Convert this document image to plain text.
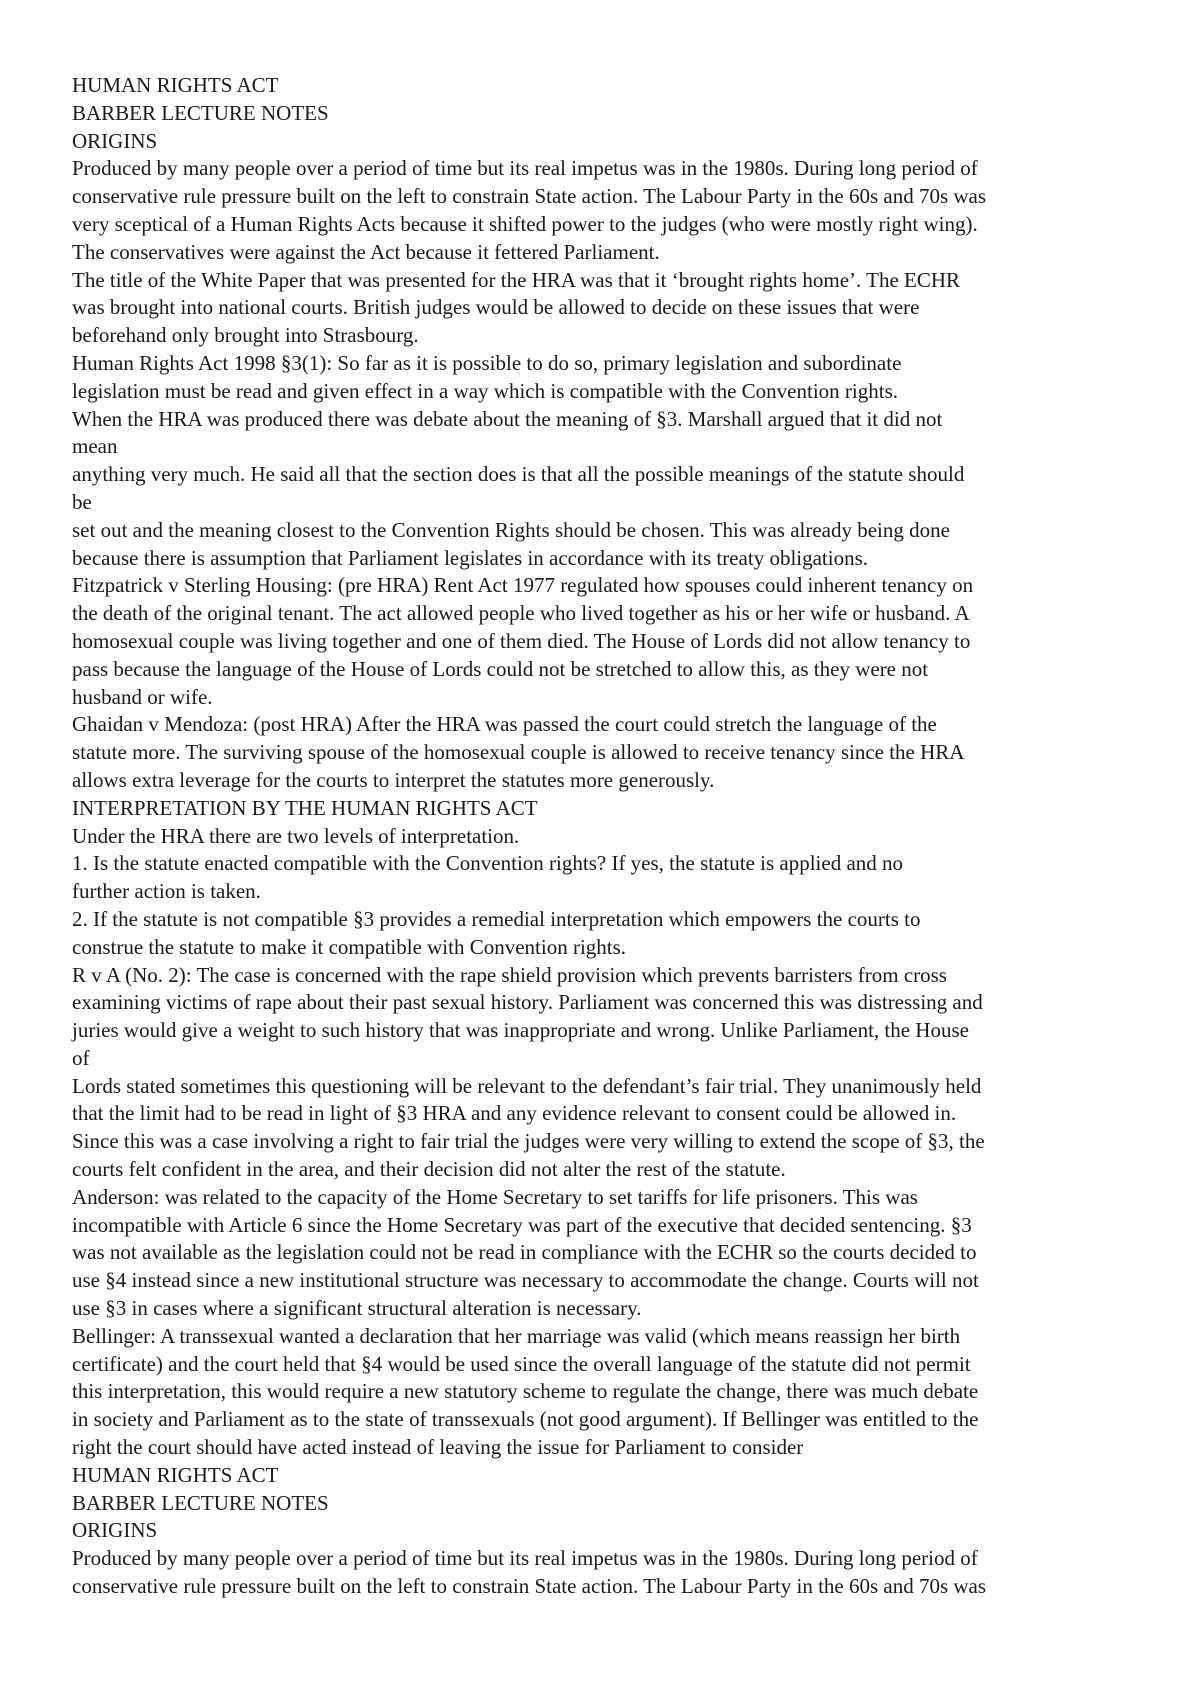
HUMAN RIGHTS ACT
BARBER LECTURE NOTES
ORIGINS
Produced by many people over a period of time but its real impetus was in the 1980s. During long period of
conservative rule pressure built on the left to constrain State action. The Labour Party in the 60s and 70s was
very sceptical of a Human Rights Acts because it shifted power to the judges (who were mostly right wing).
The conservatives were against the Act because it fettered Parliament.
The title of the White Paper that was presented for the HRA was that it ‘brought rights home’. The ECHR
was brought into national courts. British judges would be allowed to decide on these issues that were
beforehand only brought into Strasbourg.
Human Rights Act 1998 §3(1): So far as it is possible to do so, primary legislation and subordinate
legislation must be read and given effect in a way which is compatible with the Convention rights.
When the HRA was produced there was debate about the meaning of §3. Marshall argued that it did not
mean
anything very much. He said all that the section does is that all the possible meanings of the statute should
be
set out and the meaning closest to the Convention Rights should be chosen. This was already being done
because there is assumption that Parliament legislates in accordance with its treaty obligations.
Fitzpatrick v Sterling Housing: (pre HRA) Rent Act 1977 regulated how spouses could inherent tenancy on
the death of the original tenant. The act allowed people who lived together as his or her wife or husband. A
homosexual couple was living together and one of them died. The House of Lords did not allow tenancy to
pass because the language of the House of Lords could not be stretched to allow this, as they were not
husband or wife.
Ghaidan v Mendoza: (post HRA) After the HRA was passed the court could stretch the language of the
statute more. The surviving spouse of the homosexual couple is allowed to receive tenancy since the HRA
allows extra leverage for the courts to interpret the statutes more generously.
INTERPRETATION BY THE HUMAN RIGHTS ACT
Under the HRA there are two levels of interpretation.
1. Is the statute enacted compatible with the Convention rights? If yes, the statute is applied and no
further action is taken.
2. If the statute is not compatible §3 provides a remedial interpretation which empowers the courts to
construe the statute to make it compatible with Convention rights.
R v A (No. 2): The case is concerned with the rape shield provision which prevents barristers from cross
examining victims of rape about their past sexual history. Parliament was concerned this was distressing and
juries would give a weight to such history that was inappropriate and wrong. Unlike Parliament, the House
of
Lords stated sometimes this questioning will be relevant to the defendant’s fair trial. They unanimously held
that the limit had to be read in light of §3 HRA and any evidence relevant to consent could be allowed in.
Since this was a case involving a right to fair trial the judges were very willing to extend the scope of §3, the
courts felt confident in the area, and their decision did not alter the rest of the statute.
Anderson: was related to the capacity of the Home Secretary to set tariffs for life prisoners. This was
incompatible with Article 6 since the Home Secretary was part of the executive that decided sentencing. §3
was not available as the legislation could not be read in compliance with the ECHR so the courts decided to
use §4 instead since a new institutional structure was necessary to accommodate the change. Courts will not
use §3 in cases where a significant structural alteration is necessary.
Bellinger: A transsexual wanted a declaration that her marriage was valid (which means reassign her birth
certificate) and the court held that §4 would be used since the overall language of the statute did not permit
this interpretation, this would require a new statutory scheme to regulate the change, there was much debate
in society and Parliament as to the state of transsexuals (not good argument). If Bellinger was entitled to the
right the court should have acted instead of leaving the issue for Parliament to consider
HUMAN RIGHTS ACT
BARBER LECTURE NOTES
ORIGINS
Produced by many people over a period of time but its real impetus was in the 1980s. During long period of
conservative rule pressure built on the left to constrain State action. The Labour Party in the 60s and 70s was
